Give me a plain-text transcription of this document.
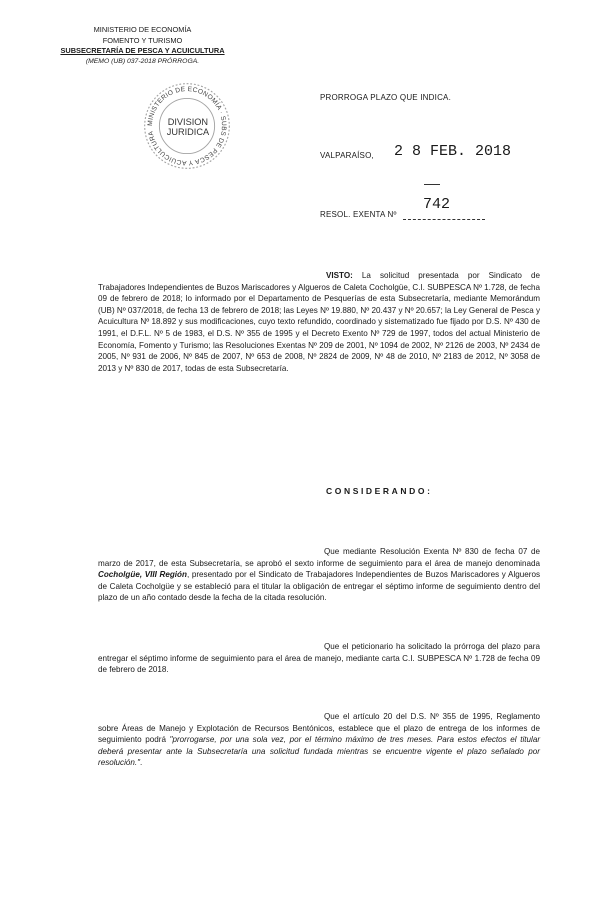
MINISTERIO DE ECONOMÍA
FOMENTO Y TURISMO
SUBSECRETARÍA DE PESCA Y ACUICULTURA
(MEMO (UB) 037-2018 PRÓRROGA.
MINISTERIO DE ECONOMÍA · SUBS DE PESCA Y ACUICULTURA
DIVISION
JURIDICA
PRORROGA PLAZO QUE INDICA.
VALPARAÍSO, 2 8 FEB. 2018
RESOL. EXENTA Nº
742
VISTO: La solicitud presentada por Sindicato de Trabajadores Independientes de Buzos Mariscadores y Algueros de Caleta Cocholgüe, C.I. SUBPESCA Nº 1.728, de fecha 09 de febrero de 2018; lo informado por el Departamento de Pesquerías de esta Subsecretaría, mediante Memorándum (UB) Nº 037/2018, de fecha 13 de febrero de 2018; las Leyes Nº 19.880, Nº 20.437 y Nº 20.657; la Ley General de Pesca y Acuicultura Nº 18.892 y sus modificaciones, cuyo texto refundido, coordinado y sistematizado fue fijado por D.S. Nº 430 de 1991, el D.F.L. Nº 5 de 1983, el D.S. Nº 355 de 1995 y el Decreto Exento Nº 729 de 1997, todos del actual Ministerio de Economía, Fomento y Turismo; las Resoluciones Exentas Nº 209 de 2001, Nº 1094 de 2002, Nº 2126 de 2003, Nº 2434 de 2005, Nº 931 de 2006, Nº 845 de 2007, Nº 653 de 2008, Nº 2824 de 2009, Nº 48 de 2010, Nº 2183 de 2012, Nº 3058 de 2013 y Nº 830 de 2017, todas de esta Subsecretaría.
CONSIDERANDO:
Que mediante Resolución Exenta Nº 830 de fecha 07 de marzo de 2017, de esta Subsecretaría, se aprobó el sexto informe de seguimiento para el área de manejo denominada Cocholgüe, VIII Región, presentado por el Sindicato de Trabajadores Independientes de Buzos Mariscadores y Algueros de Caleta Cocholgüe y se estableció para el titular la obligación de entregar el séptimo informe de seguimiento dentro del plazo de un año contado desde la fecha de la citada resolución.
Que el peticionario ha solicitado la prórroga del plazo para entregar el séptimo informe de seguimiento para el área de manejo, mediante carta C.I. SUBPESCA Nº 1.728 de fecha 09 de febrero de 2018.
Que el artículo 20 del D.S. Nº 355 de 1995, Reglamento sobre Áreas de Manejo y Explotación de Recursos Bentónicos, establece que el plazo de entrega de los informes de seguimiento podrá "prorrogarse, por una sola vez, por el término máximo de tres meses. Para estos efectos el titular deberá presentar ante la Subsecretaría una solicitud fundada mientras se encuentre vigente el plazo señalado por resolución.".
